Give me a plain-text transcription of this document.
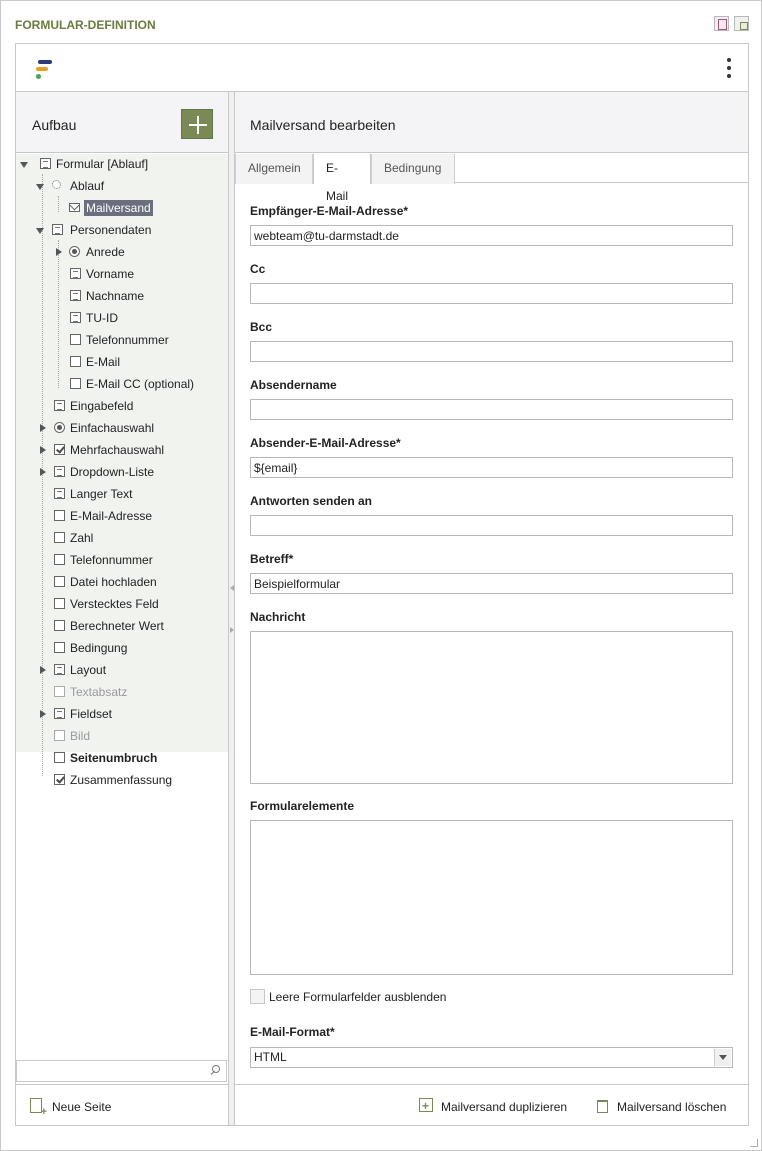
FORMULAR-DEFINITION
Aufbau
Formular [Ablauf]
Ablauf
Mailversand
Personendaten
Anrede
Vorname
Nachname
TU-ID
Telefonnummer
E-Mail
E-Mail CC (optional)
Eingabefeld
Einfachauswahl
Mehrfachauswahl
Dropdown-Liste
Langer Text
E-Mail-Adresse
Zahl
Telefonnummer
Datei hochladen
Verstecktes Feld
Berechneter Wert
Bedingung
Layout
Textabsatz
Fieldset
Bild
Seitenumbruch
Zusammenfassung
+
Neue Seite
Mailversand bearbeiten
Allgemein	E-Mail
Bedingung
Empfänger-E-Mail-Adresse*
webteam@tu-darmstadt.de
Cc
Bcc
Absendername
Absender-E-Mail-Adresse*
${email}
Antworten senden an
Betreff*
Beispielformular
Nachricht
Formularelemente
Leere Formularfelder ausblenden
E-Mail-Format*
HTML
+
Mailversand duplizieren	Mailversand löschen
